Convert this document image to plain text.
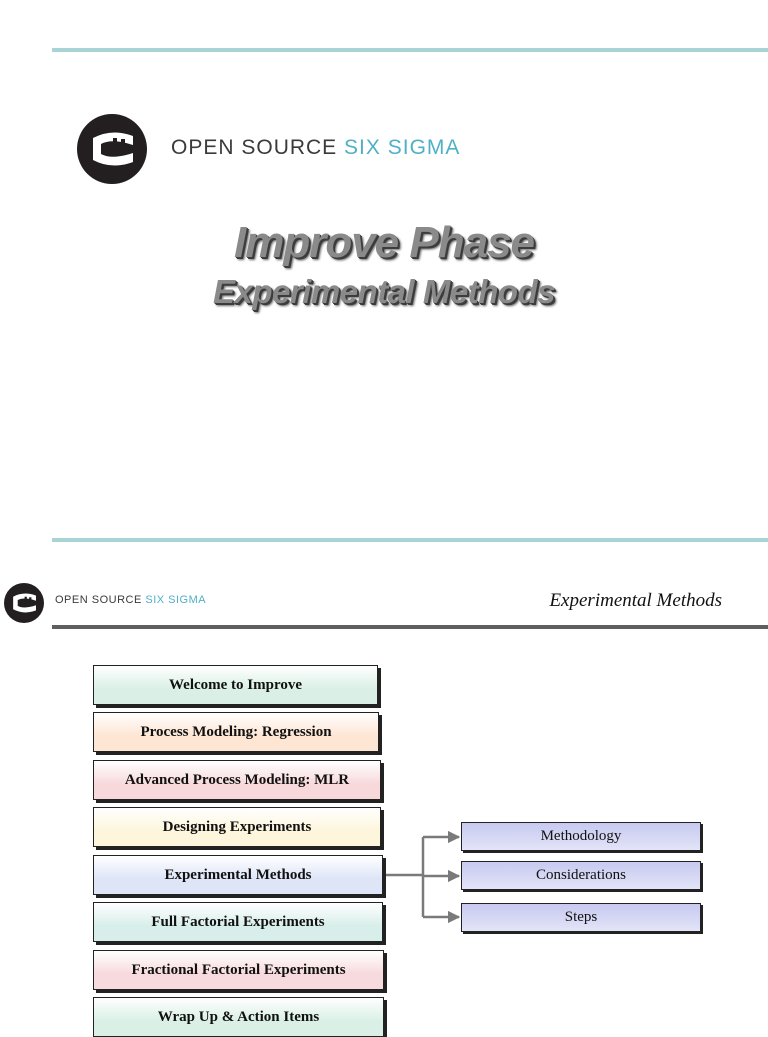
OPEN SOURCE SIX SIGMA
Improve Phase
Experimental Methods
OPEN SOURCE SIX SIGMA	Experimental Methods
Welcome to Improve
Process Modeling: Regression
Advanced Process Modeling: MLR
Designing Experiments
Experimental Methods
Full Factorial Experiments
Fractional Factorial Experiments
Wrap Up & Action Items
Methodology
Considerations
Steps
